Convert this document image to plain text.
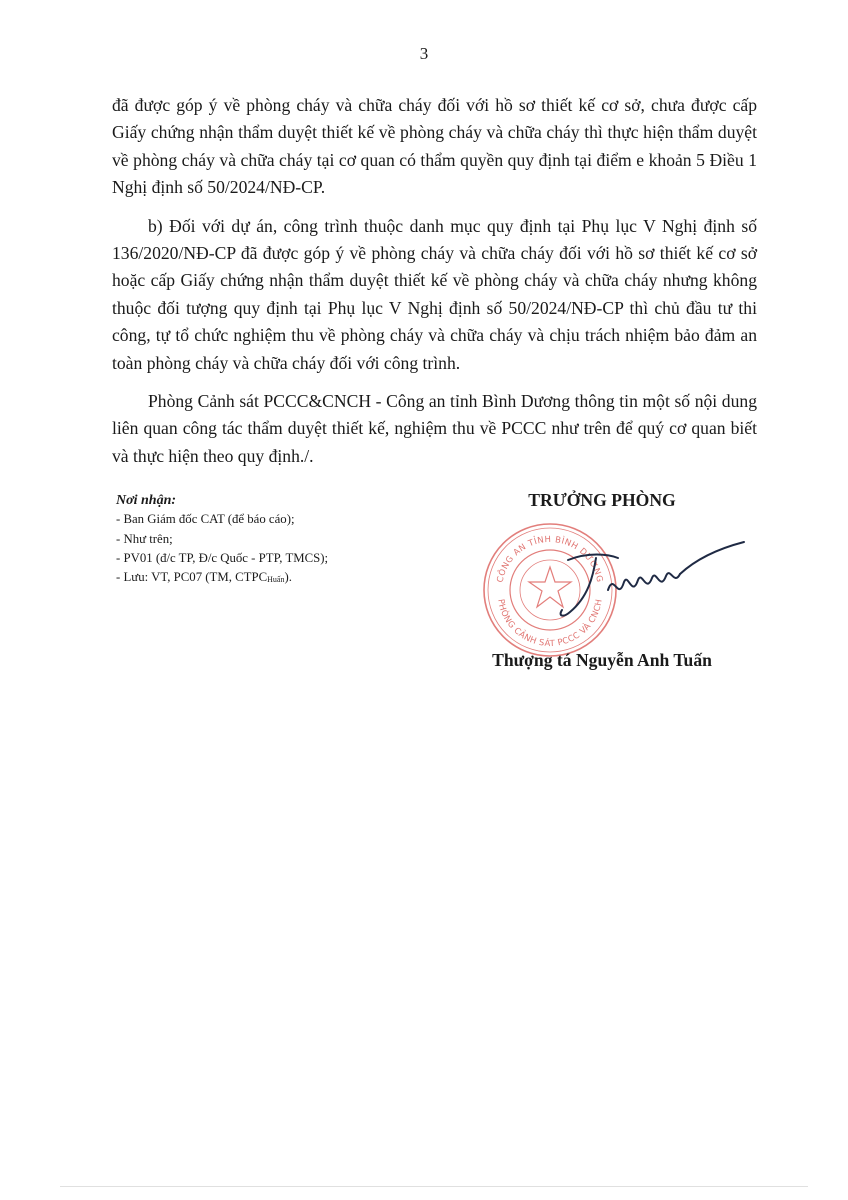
3

đã được góp ý về phòng cháy và chữa cháy đối với hồ sơ thiết kế cơ sở, chưa được cấp Giấy chứng nhận thẩm duyệt thiết kế về phòng cháy và chữa cháy thì thực hiện thẩm duyệt về phòng cháy và chữa cháy tại cơ quan có thẩm quyền quy định tại điểm e khoản 5 Điều 1 Nghị định số 50/2024/NĐ-CP.

b) Đối với dự án, công trình thuộc danh mục quy định tại Phụ lục V Nghị định số 136/2020/NĐ-CP đã được góp ý về phòng cháy và chữa cháy đối với hồ sơ thiết kế cơ sở hoặc cấp Giấy chứng nhận thẩm duyệt thiết kế về phòng cháy và chữa cháy nhưng không thuộc đối tượng quy định tại Phụ lục V Nghị định số 50/2024/NĐ-CP thì chủ đầu tư thi công, tự tổ chức nghiệm thu về phòng cháy và chữa cháy và chịu trách nhiệm bảo đảm an toàn phòng cháy và chữa cháy đối với công trình.

Phòng Cảnh sát PCCC&CNCH - Công an tỉnh Bình Dương thông tin một số nội dung liên quan công tác thẩm duyệt thiết kế, nghiệm thu về PCCC như trên để quý cơ quan biết và thực hiện theo quy định./.

Nơi nhận:
- Ban Giám đốc CAT (để báo cáo);
- Như trên;
- PV01 (đ/c TP, Đ/c Quốc - PTP, TMCS);
- Lưu: VT, PC07 (TM, $CTPC_{Huấn}$).
TRƯỞNG PHÒNG
CÔNG AN TỈNH BÌNH DƯƠNG
PHÒNG CẢNH SÁT PCCC VÀ CNCH
Thượng tá Nguyễn Anh Tuấn
